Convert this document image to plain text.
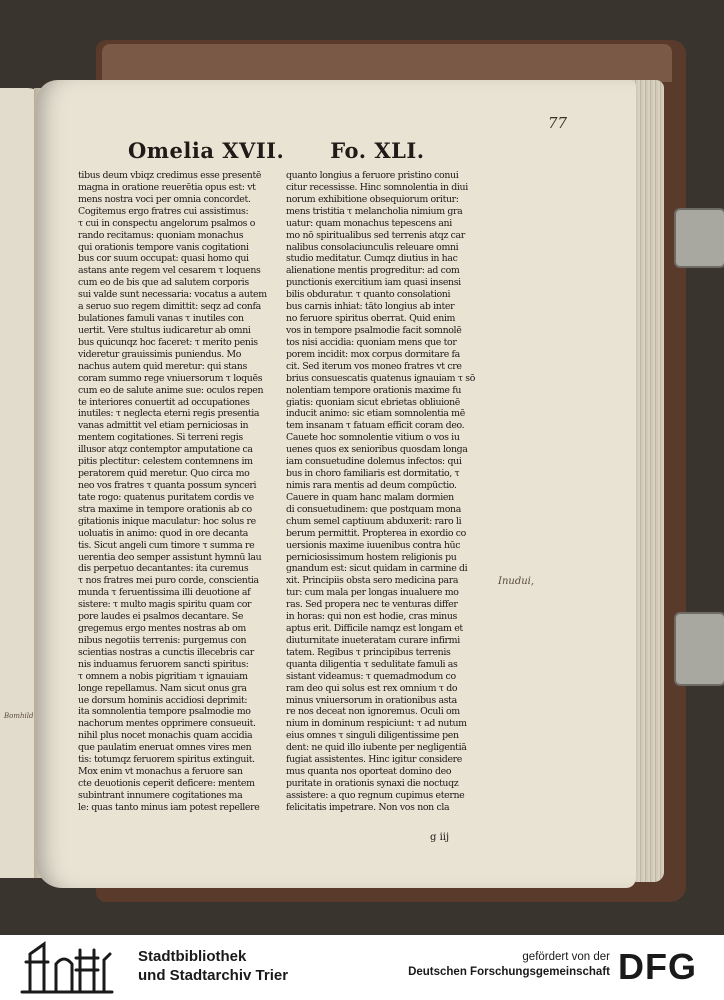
77
Omelia XVII. Fo. XLI.
tibus deum vbiqz credimus esse presentē
magna in oratione reuerētia opus est: vt
mens nostra voci per omnia concordet.
Cogitemus ergo fratres cui assistimus:
τ cui in conspectu angelorum psalmos o
rando recitamus: quoniam monachus
qui orationis tempore vanis cogitationi
bus cor suum occupat: quasi homo qui
astans ante regem vel cesarem τ loquens
cum eo de bis que ad salutem corporis
sui valde sunt necessaria: vocatus a autem
a seruo suo regem dimittit: seqz ad confa
bulationes famuli vanas τ inutiles con
uertit. Vere stultus iudicaretur ab omni
bus quicunqz hoc faceret: τ merito penis
videretur grauissimis puniendus. Mo
nachus autem quid meretur: qui stans
coram summo rege vniuersorum τ loquēs
cum eo de salute anime sue: oculos repen
te interiores conuertit ad occupationes
inutiles: τ neglecta eterni regis presentia
vanas admittit vel etiam perniciosas in
mentem cogitationes. Si terreni regis
illusor atqz contemptor amputatione ca
pitis plectitur: celestem contemnens im
peratorem quid meretur. Quo circa mo
neo vos fratres τ quanta possum synceri
tate rogo: quatenus puritatem cordis ve
stra maxime in tempore orationis ab co
gitationis inique maculatur: hoc solus re
uoluatis in animo: quod in ore decanta
tis. Sicut angeli cum timore τ summa re
uerentia deo semper assistunt hymnū lau
dis perpetuo decantantes: ita curemus
τ nos fratres mei puro corde, conscientia
munda τ feruentissima illi deuotione af
sistere: τ multo magis spiritu quam cor
pore laudes ei psalmos decantare. Se
gregemus ergo mentes nostras ab om
nibus negotiis terrenis: purgemus con
scientias nostras a cunctis illecebris car
nis induamus feruorem sancti spiritus:
τ omnem a nobis pigritiam τ ignauiam
longe repellamus. Nam sicut onus gra
ue dorsum hominis accidiosi deprimit:
ita somnolentia tempore psalmodie mo
nachorum mentes opprimere consueuit.
nihil plus nocet monachis quam accidia
que paulatim eneruat omnes vires men
tis: totumqz feruorem spiritus extinguit.
Mox enim vt monachus a feruore san
cte deuotionis ceperit deficere: mentem
subintrant innumere cogitationes ma
le: quas tanto minus iam potest repellere
quanto longius a feruore pristino conui
citur recessisse. Hinc somnolentia in diui
norum exhibitione obsequiorum oritur:
mens tristitia τ melancholia nimium gra
uatur: quam monachus tepescens ani
mo nō spiritualibus sed terrenis atqz car
nalibus consolaciunculis releuare omni
studio meditatur. Cumqz diutius in hac
alienatione mentis progreditur: ad com
punctionis exercitium iam quasi insensi
bilis obduratur. τ quanto consolationi
bus carnis inhiat: tāto longius ab inter
no feruore spiritus oberrat. Quid enim
vos in tempore psalmodie facit somnolē
tos nisi accidia: quoniam mens que tor
porem incidit: mox corpus dormitare fa
cit. Sed iterum vos moneo fratres vt cre
brius consuescatis quatenus ignauiam τ sō
nolentiam tempore orationis maxime fu
giatis: quoniam sicut ebrietas obliuionē
inducit animo: sic etiam somnolentia mē
tem insanam τ fatuam efficit coram deo.
Cauete hoc somnolentie vitium o vos iu
uenes quos ex senioribus quosdam longa
iam consuetudine dolemus infectos: qui
bus in choro familiaris est dormitatio, τ
nimis rara mentis ad deum compūctio.
Cauere in quam hanc malam dormien
di consuetudinem: que postquam mona
chum semel captiuum abduxerit: raro li
berum permittit. Propterea in exordio co
uersionis maxime iuuenibus contra hūc
perniciosissimum hostem religionis pu
gnandum est: sicut quidam in carmine di
xit. Principiis obsta sero medicina para
tur: cum mala per longas inualuere mo
ras. Sed propera nec te venturas differ
in horas: qui non est hodie, cras minus
aptus erit. Difficile namqz est longam et
diuturnitate inueteratam curare infirmi
tatem. Regibus τ principibus terrenis
quanta diligentia τ sedulitate famuli as
sistant videamus: τ quemadmodum co
ram deo qui solus est rex omnium τ do
minus vniuersorum in orationibus asta
re nos deceat non ignoremus. Oculi om
nium in dominum respiciunt: τ ad nutum
eius omnes τ singuli diligentissime pen
dent: ne quid illo iubente per negligentiā
fugiat assistentes. Hinc igitur considere
mus quanta nos oporteat domino deo
puritate in orationis synaxi die noctuqz
assistere: a quo regnum cupimus eterne
felicitatis impetrare. Non vos non cla
Inudui,
Bomhild
g iij
Stadtbibliothek
und Stadtarchiv Trier
gefördert von der
Deutschen Forschungsgemeinschaft DFG
